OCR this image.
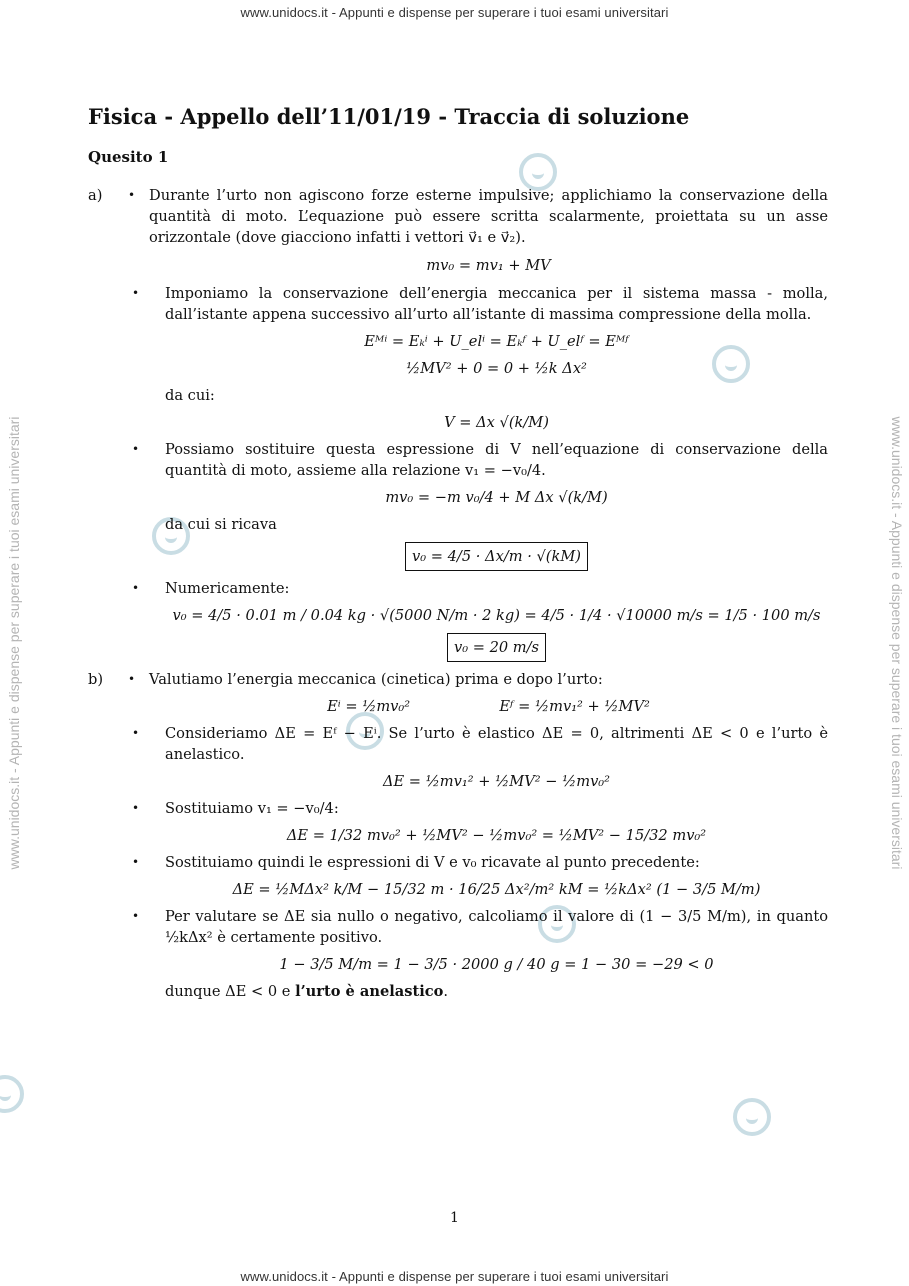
www.unidocs.it - Appunti e dispense per superare i tuoi esami universitari
www.unidocs.it - Appunti e dispense per superare i tuoi esami universitari
www.unidocs.it - Appunti e dispense per superare i tuoi esami universitari	www.unidocs.it - Appunti e dispense per superare i tuoi esami universitari
Fisica - Appello dell’11/01/19 - Traccia di soluzione
Quesito 1
a) • Durante l’urto non agiscono forze esterne impulsive; applichiamo la conservazione della quantità di moto. L’equazione può essere scritta scalarmente, proiettata su un asse orizzontale (dove giacciono infatti i vettori v⃗₁ e v⃗₂).

mv₀ = mv₁ + MV
• Imponiamo la conservazione dell’energia meccanica per il sistema massa - molla, dall’istante appena successivo all’urto all’istante di massima compressione della molla.

Eᴹⁱ = Eₖⁱ + U_elⁱ = Eₖᶠ + U_elᶠ = Eᴹᶠ
½MV² + 0 = 0 + ½k Δx²

da cui:

V = Δx √(k/M)
• Possiamo sostituire questa espressione di V nell’equazione di conservazione della quantità di moto, assieme alla relazione v₁ = −v₀/4.

mv₀ = −m v₀/4 + M Δx √(k/M)

da cui si ricava

v₀ = 4/5 · Δx/m · √(kM)
• Numericamente:

v₀ = 4/5 · 0.01 m / 0.04 kg · √(5000 N/m · 2 kg) = 4/5 · 1/4 · √10000 m/s = 1/5 · 100 m/s
v₀ = 20 m/s
b) • Valutiamo l’energia meccanica (cinetica) prima e dopo l’urto:

Eⁱ = ½mv₀²	Eᶠ = ½mv₁² + ½MV²
• Consideriamo ΔE = Eᶠ − Eⁱ. Se l’urto è elastico ΔE = 0, altrimenti ΔE < 0 e l’urto è anelastico.

ΔE = ½mv₁² + ½MV² − ½mv₀²
• Sostituiamo v₁ = −v₀/4:

ΔE = 1/32 mv₀² + ½MV² − ½mv₀² = ½MV² − 15/32 mv₀²
• Sostituiamo quindi le espressioni di V e v₀ ricavate al punto precedente:

ΔE = ½MΔx² k/M − 15/32 m · 16/25 Δx²/m² kM = ½kΔx² (1 − 3/5 M/m)
• Per valutare se ΔE sia nullo o negativo, calcoliamo il valore di (1 − 3/5 M/m), in quanto ½kΔx² è certamente positivo.

1 − 3/5 M/m = 1 − 3/5 · 2000 g / 40 g = 1 − 30 = −29 < 0

dunque ΔE < 0 e l’urto è anelastico.

1
